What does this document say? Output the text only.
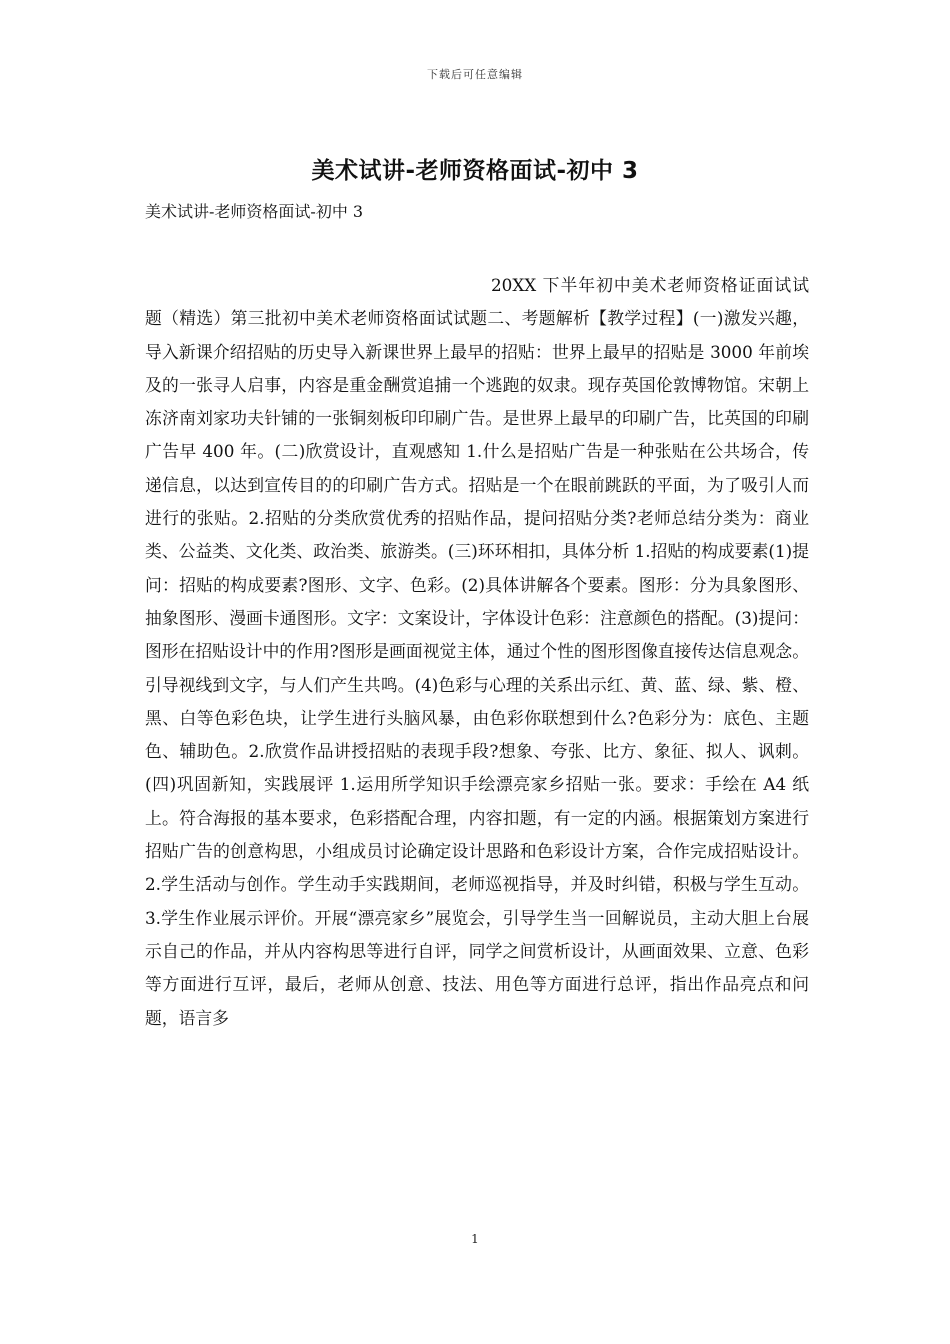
下载后可任意编辑
美术试讲-老师资格面试-初中 3

美术试讲-老师资格面试-初中 3

20XX 下半年初中美术老师资格证面试试题（精选）第三批初中美术老师资格面试试题二、考题解析【教学过程】(一)激发兴趣，导入新课介绍招贴的历史导入新课世界上最早的招贴：世界上最早的招贴是 3000 年前埃及的一张寻人启事，内容是重金酬赏追捕一个逃跑的奴隶。现存英国伦敦博物馆。宋朝上冻济南刘家功夫针铺的一张铜刻板印印刷广告。是世界上最早的印刷广告，比英国的印刷广告早 400 年。(二)欣赏设计，直观感知 1.什么是招贴广告是一种张贴在公共场合，传递信息，以达到宣传目的的印刷广告方式。招贴是一个在眼前跳跃的平面，为了吸引人而进行的张贴。2.招贴的分类欣赏优秀的招贴作品，提问招贴分类?老师总结分类为：商业类、公益类、文化类、政治类、旅游类。(三)环环相扣，具体分析 1.招贴的构成要素(1)提问：招贴的构成要素?图形、文字、色彩。(2)具体讲解各个要素。图形：分为具象图形、抽象图形、漫画卡通图形。文字：文案设计，字体设计色彩：注意颜色的搭配。(3)提问：图形在招贴设计中的作用?图形是画面视觉主体，通过个性的图形图像直接传达信息观念。引导视线到文字，与人们产生共鸣。(4)色彩与心理的关系出示红、黄、蓝、绿、紫、橙、黑、白等色彩色块，让学生进行头脑风暴，由色彩你联想到什么?色彩分为：底色、主题色、辅助色。2.欣赏作品讲授招贴的表现手段?想象、夸张、比方、象征、拟人、讽刺。(四)巩固新知，实践展评 1.运用所学知识手绘漂亮家乡招贴一张。要求：手绘在 A4 纸上。符合海报的基本要求，色彩搭配合理，内容扣题，有一定的内涵。根据策划方案进行招贴广告的创意构思，小组成员讨论确定设计思路和色彩设计方案，合作完成招贴设计。2.学生活动与创作。学生动手实践期间，老师巡视指导，并及时纠错，积极与学生互动。3.学生作业展示评价。开展“漂亮家乡”展览会，引导学生当一回解说员，主动大胆上台展示自己的作品，并从内容构思等进行自评，同学之间赏析设计，从画面效果、立意、色彩等方面进行互评，最后，老师从创意、技法、用色等方面进行总评，指出作品亮点和问题，语言多

1
